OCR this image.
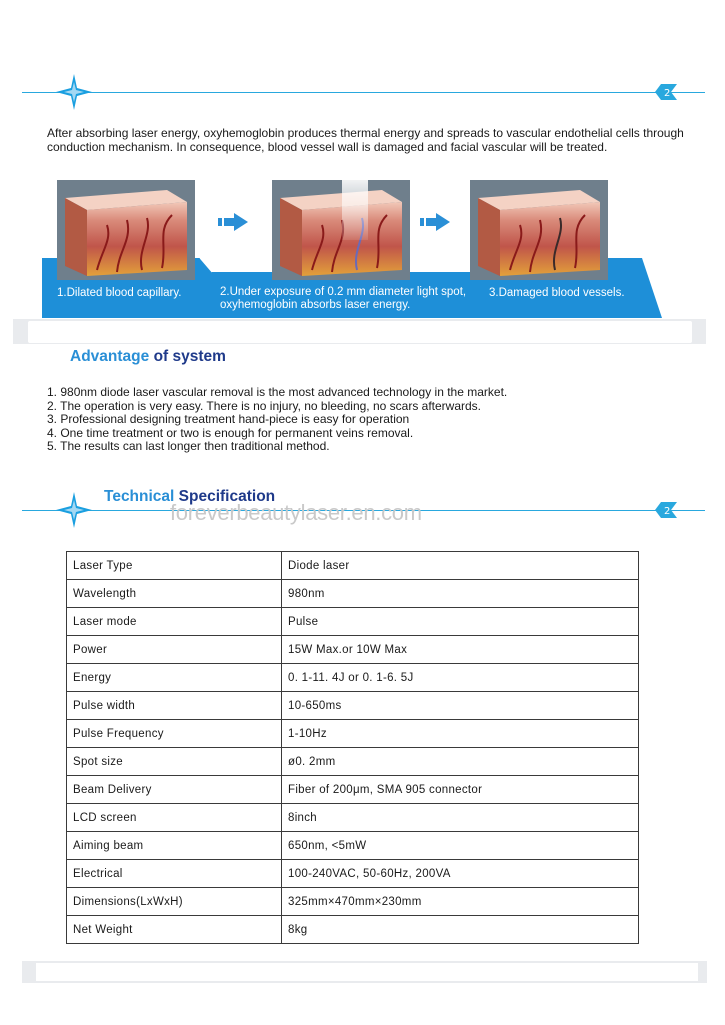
2
After absorbing laser energy, oxyhemoglobin produces thermal energy and spreads to vascular endothelial cells through conduction mechanism. In consequence, blood vessel wall is damaged and facial vascular will be treated.
1.Dilated blood capillary.	3.Damaged blood vessels.
2.Under exposure of 0.2 mm diameter light spot, oxyhemoglobin absorbs laser energy.
Advantage of system
1. 980nm diode laser vascular removal is the most advanced technology in the market.
2. The operation is very easy. There is no injury, no bleeding, no scars afterwards.
3. Professional designing treatment hand-piece is easy for operation
4. One time treatment or two is enough for permanent veins removal.
5. The results can last longer then traditional method.
2
Technical Specification
foreverbeautylaser.en.com
Laser Type	Diode laser
Wavelength	980nm
Laser mode	Pulse
Power	15W Max.or 10W Max
Energy	0. 1-11. 4J or 0. 1-6. 5J
Pulse width	10-650ms
Pulse Frequency	1-10Hz
Spot size	ø0. 2mm
Beam Delivery	Fiber of 200μm, SMA 905 connector
LCD screen	8inch
Aiming beam	650nm, <5mW
Electrical	100-240VAC, 50-60Hz, 200VA
Dimensions(LxWxH)	325mm×470mm×230mm
Net Weight	8kg
